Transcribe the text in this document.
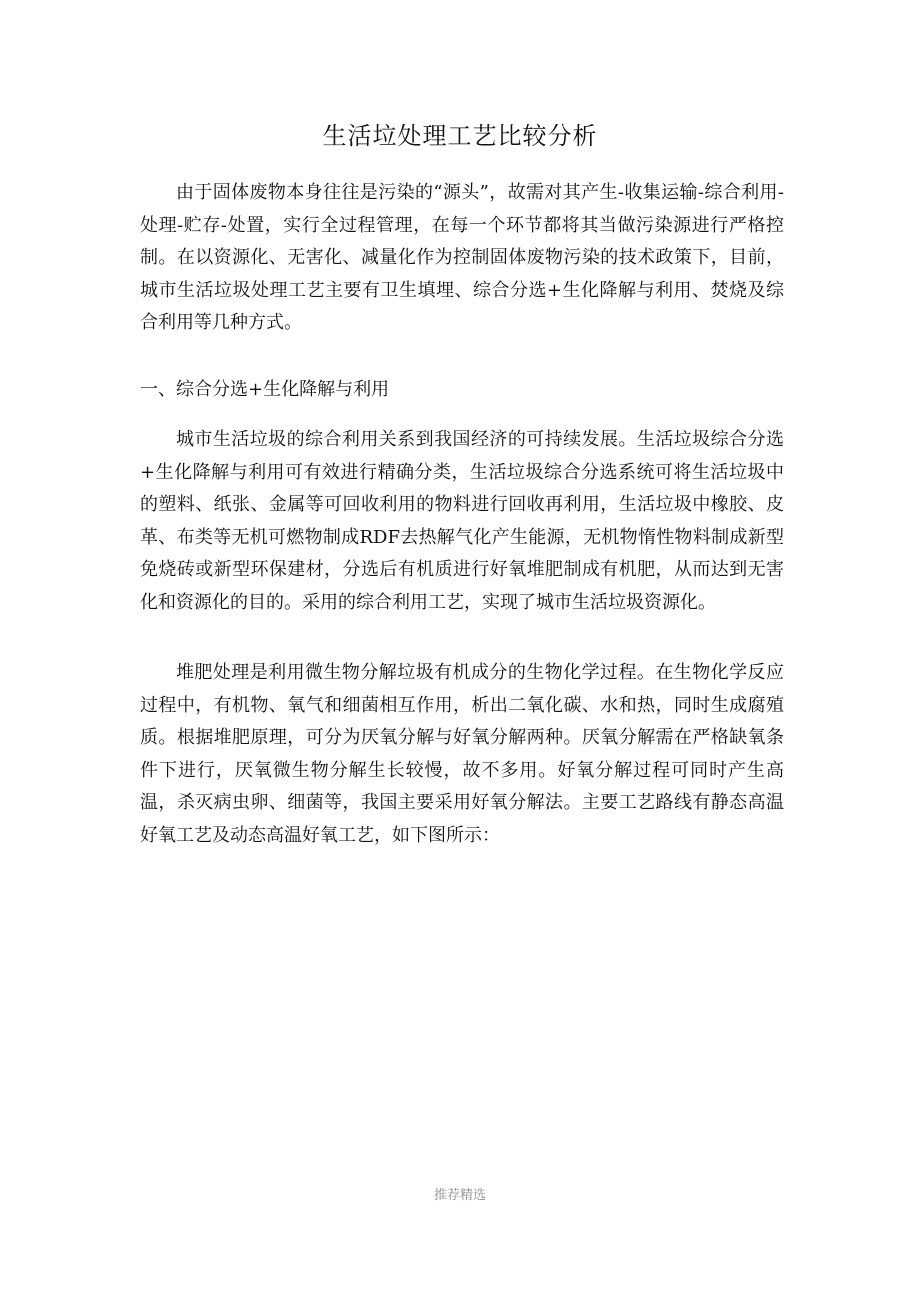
生活垃处理工艺比较分析

由于固体废物本身往往是污染的“源头”，故需对其产生-收集运输-综合利用-处理-贮存-处置，实行全过程管理，在每一个环节都将其当做污染源进行严格控制。在以资源化、无害化、减量化作为控制固体废物污染的技术政策下，目前，城市生活垃圾处理工艺主要有卫生填埋、综合分选+生化降解与利用、焚烧及综合利用等几种方式。

一、综合分选+生化降解与利用

城市生活垃圾的综合利用关系到我国经济的可持续发展。生活垃圾综合分选+生化降解与利用可有效进行精确分类，生活垃圾综合分选系统可将生活垃圾中的塑料、纸张、金属等可回收利用的物料进行回收再利用，生活垃圾中橡胶、皮革、布类等无机可燃物制成RDF去热解气化产生能源，无机物惰性物料制成新型免烧砖或新型环保建材，分选后有机质进行好氧堆肥制成有机肥，从而达到无害化和资源化的目的。采用的综合利用工艺，实现了城市生活垃圾资源化。

堆肥处理是利用微生物分解垃圾有机成分的生物化学过程。在生物化学反应过程中，有机物、氧气和细菌相互作用，析出二氧化碳、水和热，同时生成腐殖质。根据堆肥原理，可分为厌氧分解与好氧分解两种。厌氧分解需在严格缺氧条件下进行，厌氧微生物分解生长较慢，故不多用。好氧分解过程可同时产生高温，杀灭病虫卵、细菌等，我国主要采用好氧分解法。主要工艺路线有静态高温好氧工艺及动态高温好氧工艺，如下图所示：

推荐精选
